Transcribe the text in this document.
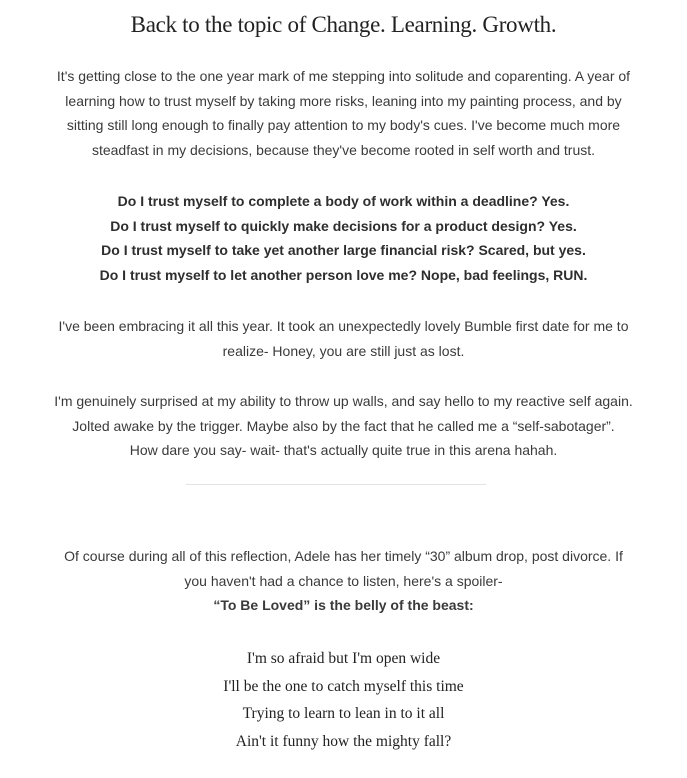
Back to the topic of Change. Learning. Growth.
It's getting close to the one year mark of me stepping into solitude and coparenting. A year of
learning how to trust myself by taking more risks, leaning into my painting process, and by
sitting still long enough to finally pay attention to my body's cues. I've become much more
steadfast in my decisions, because they've become rooted in self worth and trust.
Do I trust myself to complete a body of work within a deadline? Yes.
Do I trust myself to quickly make decisions for a product design? Yes.
Do I trust myself to take yet another large financial risk? Scared, but yes.
Do I trust myself to let another person love me? Nope, bad feelings, RUN.
I've been embracing it all this year. It took an unexpectedly lovely Bumble first date for me to
realize- Honey, you are still just as lost.
I'm genuinely surprised at my ability to throw up walls, and say hello to my reactive self again.
Jolted awake by the trigger. Maybe also by the fact that he called me a “self-sabotager”.
How dare you say- wait- that's actually quite true in this arena hahah.
Of course during all of this reflection, Adele has her timely “30” album drop, post divorce. If
you haven't had a chance to listen, here's a spoiler-
“To Be Loved” is the belly of the beast:
I'm so afraid but I'm open wide
I'll be the one to catch myself this time
Trying to learn to lean in to it all
Ain't it funny how the mighty fall?
